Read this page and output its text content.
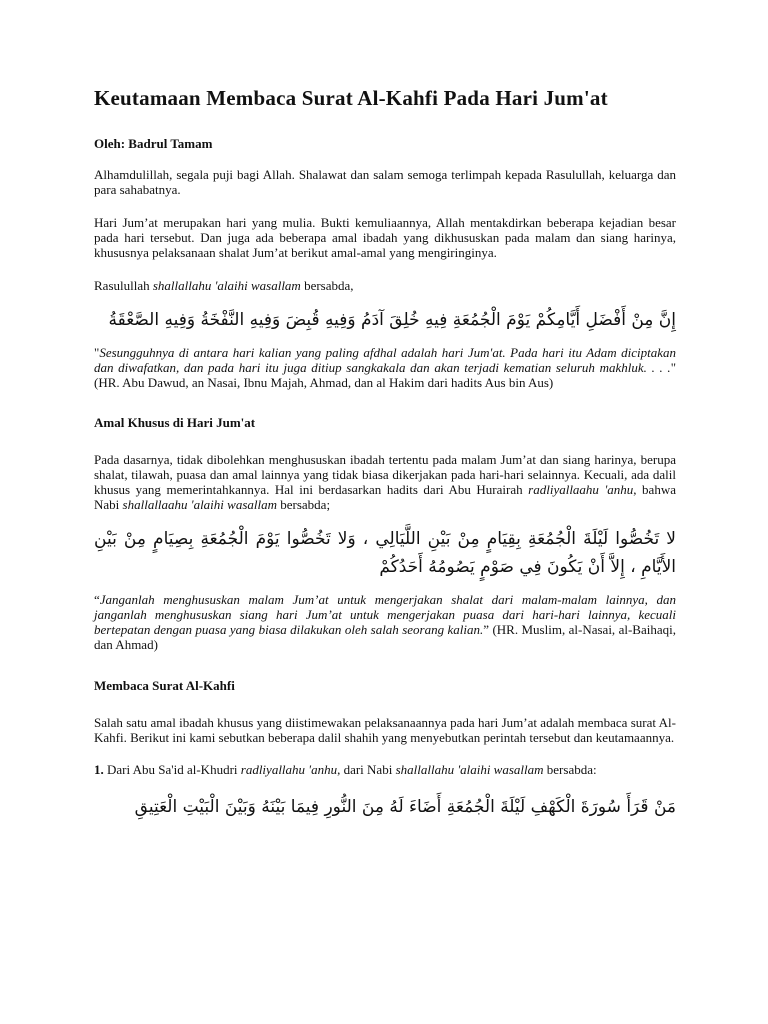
Keutamaan Membaca Surat Al-Kahfi Pada Hari Jum'at
Oleh: Badrul Tamam

Alhamdulillah, segala puji bagi Allah. Shalawat dan salam semoga terlimpah kepada Rasulullah, keluarga dan para sahabatnya.

Hari Jum’at merupakan hari yang mulia. Bukti kemuliaannya, Allah mentakdirkan beberapa kejadian besar pada hari tersebut. Dan juga ada beberapa amal ibadah yang dikhususkan pada malam dan siang harinya, khususnya pelaksanaan shalat Jum’at berikut amal-amal yang mengiringinya.

Rasulullah shallallahu 'alaihi wasallam bersabda,

إِنَّ مِنْ أَفْضَلِ أَيَّامِكُمْ يَوْمَ الْجُمُعَةِ فِيهِ خُلِقَ آدَمُ وَفِيهِ قُبِضَ وَفِيهِ النَّفْخَةُ وَفِيهِ الصَّعْقَةُ

"Sesungguhnya di antara hari kalian yang paling afdhal adalah hari Jum'at. Pada hari itu Adam diciptakan dan diwafatkan, dan pada hari itu juga ditiup sangkakala dan akan terjadi kematian seluruh makhluk. . . ." (HR. Abu Dawud, an Nasai, Ibnu Majah, Ahmad, dan al Hakim dari hadits Aus bin Aus)

Amal Khusus di Hari Jum'at

Pada dasarnya, tidak dibolehkan menghususkan ibadah tertentu pada malam Jum’at dan siang harinya, berupa shalat, tilawah, puasa dan amal lainnya yang tidak biasa dikerjakan pada hari-hari selainnya. Kecuali, ada dalil khusus yang memerintahkannya. Hal ini berdasarkan hadits dari Abu Hurairah radliyallaahu 'anhu, bahwa Nabi shallallaahu 'alaihi wasallam bersabda;

لا تَخُصُّوا لَيْلَةَ الْجُمُعَةِ بِقِيَامٍ مِنْ بَيْنِ اللَّيَالِي ، وَلا تَخُصُّوا يَوْمَ الْجُمُعَةِ بِصِيَامٍ مِنْ بَيْنِ الأَيَّامِ ، إِلاَّ أَنْ يَكُونَ فِي صَوْمٍ يَصُومُهُ أَحَدُكُمْ

“Janganlah menghususkan malam Jum’at untuk mengerjakan shalat dari malam-malam lainnya, dan janganlah menghususkan siang hari Jum’at untuk mengerjakan puasa dari hari-hari lainnya, kecuali bertepatan dengan puasa yang biasa dilakukan oleh salah seorang kalian.” (HR. Muslim, al-Nasai, al-Baihaqi, dan Ahmad)

Membaca Surat Al-Kahfi

Salah satu amal ibadah khusus yang diistimewakan pelaksanaannya pada hari Jum’at adalah membaca surat Al-Kahfi. Berikut ini kami sebutkan beberapa dalil shahih yang menyebutkan perintah tersebut dan keutamaannya.

1. Dari Abu Sa'id al-Khudri radliyallahu 'anhu, dari Nabi shallallahu 'alaihi wasallam bersabda:

مَنْ قَرَأَ سُورَةَ الْكَهْفِ لَيْلَةَ الْجُمُعَةِ أَضَاءَ لَهُ مِنَ النُّورِ فِيمَا بَيْنَهُ وَبَيْنَ الْبَيْتِ الْعَتِيقِ
